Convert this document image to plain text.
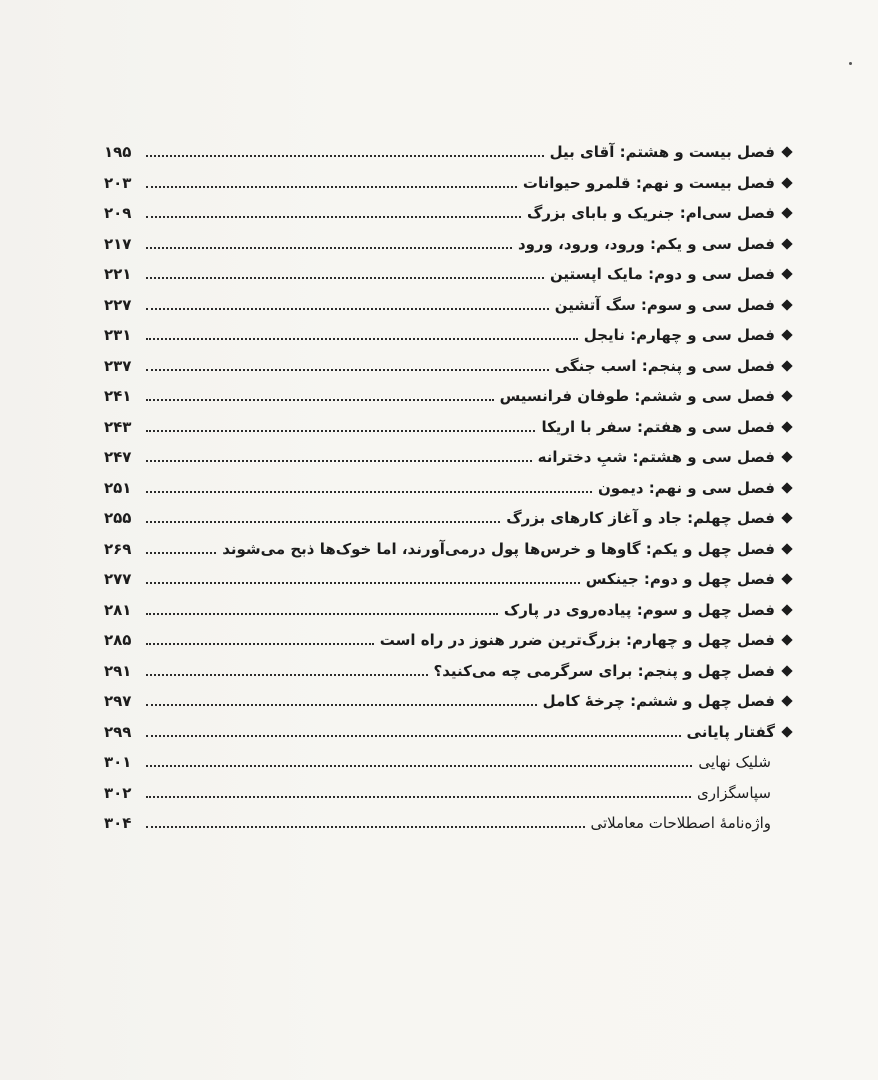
فصل بیست و هشتم: آقای بیل
۱۹۵
فصل بیست و نهم: قلمرو حیوانات
۲۰۳
فصل سی‌ام: جنریک و بابای بزرگ
۲۰۹
فصل سی و یکم: ورود، ورود، ورود
۲۱۷
فصل سی و دوم: مایک اپستین
۲۲۱
فصل سی و سوم: سگ آتشین
۲۲۷
فصل سی و چهارم: نایجل
۲۳۱
فصل سی و پنجم: اسب جنگی
۲۳۷
فصل سی و ششم: طوفان فرانسیس
۲۴۱
فصل سی و هفتم: سفر با اریکا
۲۴۳
فصل سی و هشتم: شبِ دخترانه
۲۴۷
فصل سی و نهم: دیمون
۲۵۱
فصل چهلم: جاد و آغاز کارهای بزرگ
۲۵۵
فصل چهل و یکم: گاوها و خرس‌ها پول درمی‌آورند، اما خوک‌ها ذبح می‌شوند
۲۶۹
فصل چهل و دوم: جینکس
۲۷۷
فصل چهل و سوم: پیاده‌روی در پارک
۲۸۱
فصل چهل و چهارم: بزرگ‌ترین ضرر هنوز در راه است
۲۸۵
فصل چهل و پنجم: برای سرگرمی چه می‌کنید؟
۲۹۱
فصل چهل و ششم: چرخهٔ کامل
۲۹۷
گفتار پایانی
۲۹۹
شلیک نهایی
۳۰۱
سپاسگزاری
۳۰۲
واژه‌نامهٔ اصطلاحات معاملاتی
۳۰۴
